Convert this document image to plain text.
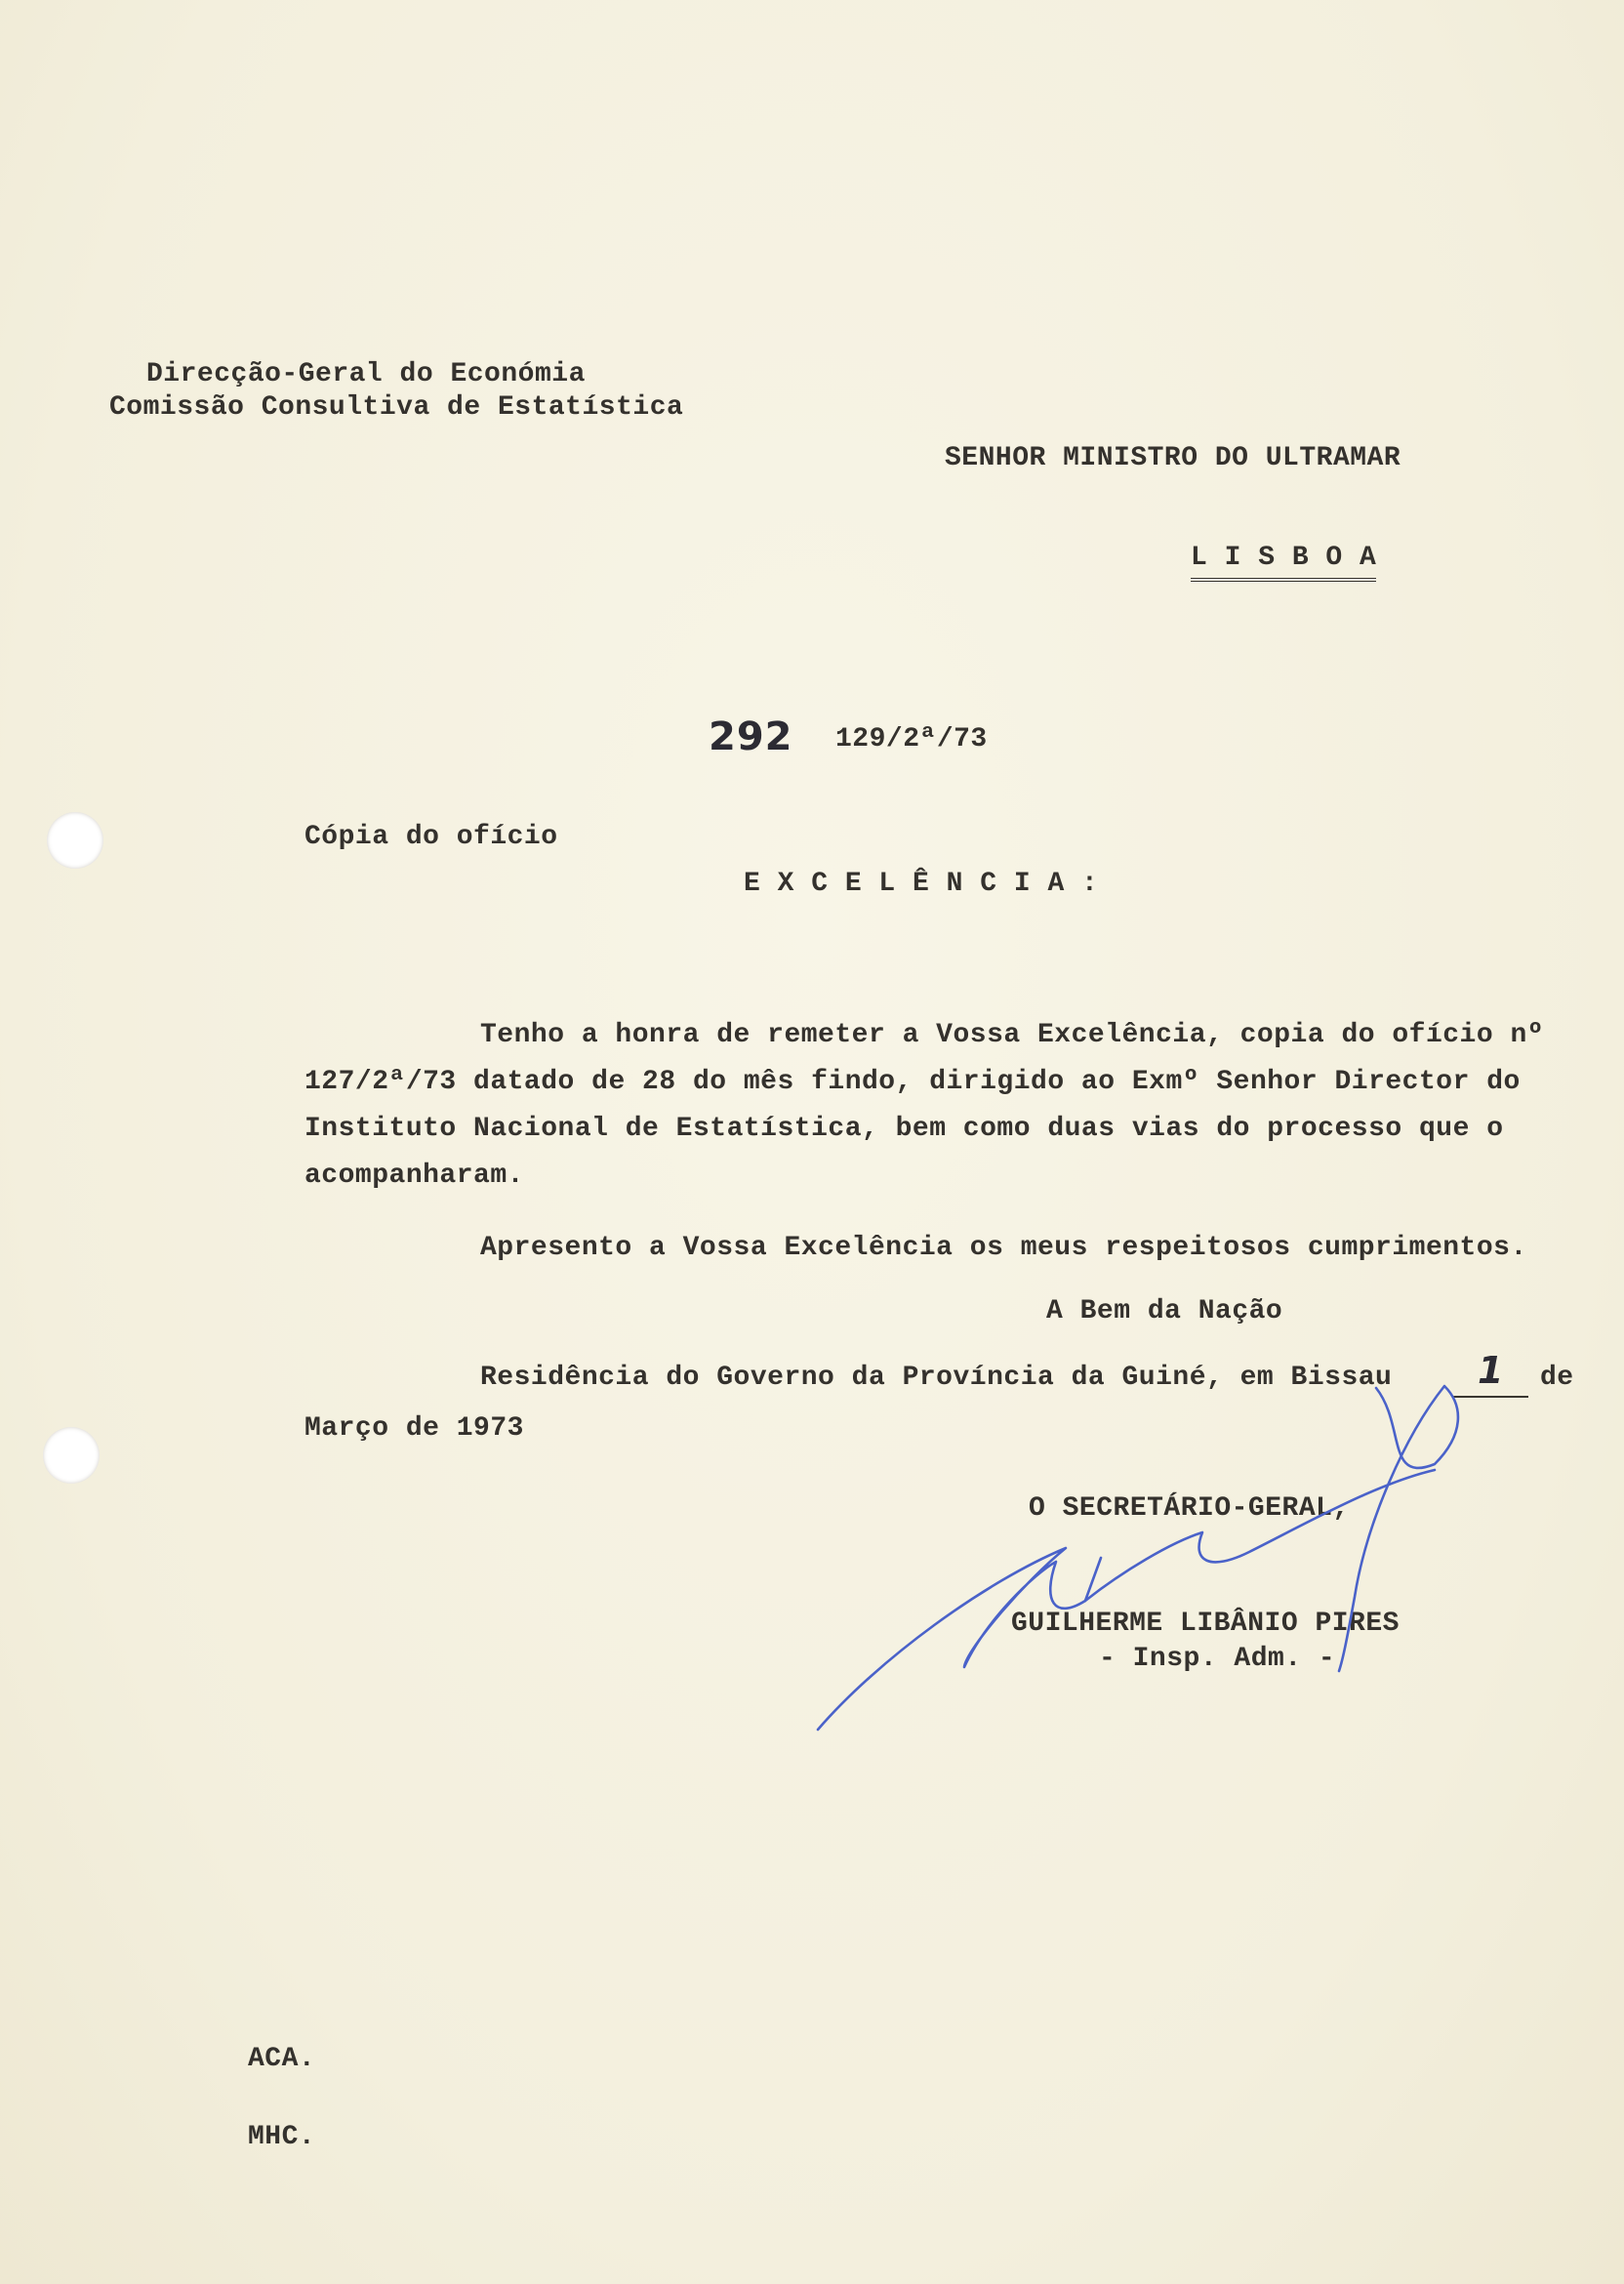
Direcção-Geral do Económia
Comissão Consultiva de Estatística
SENHOR MINISTRO DO ULTRAMAR
L I S B O A
292 129/2ª/73
Cópia do ofício
E X C E L Ê N C I A :
Tenho a honra de remeter a Vossa Excelência, copia do ofício nº
127/2ª/73 datado de 28 do mês findo, dirigido ao Exmº Senhor Director do
Instituto Nacional de Estatística, bem como duas vias do processo que o
acompanharam.
Apresento a Vossa Excelência os meus respeitosos cumprimentos.
A Bem da Nação
Residência do Governo da Província da Guiné, em Bissau 1 de
Março de 1973
O SECRETÁRIO-GERAL,
GUILHERME LIBÂNIO PIRES
- Insp. Adm. -
ACA.
MHC.
